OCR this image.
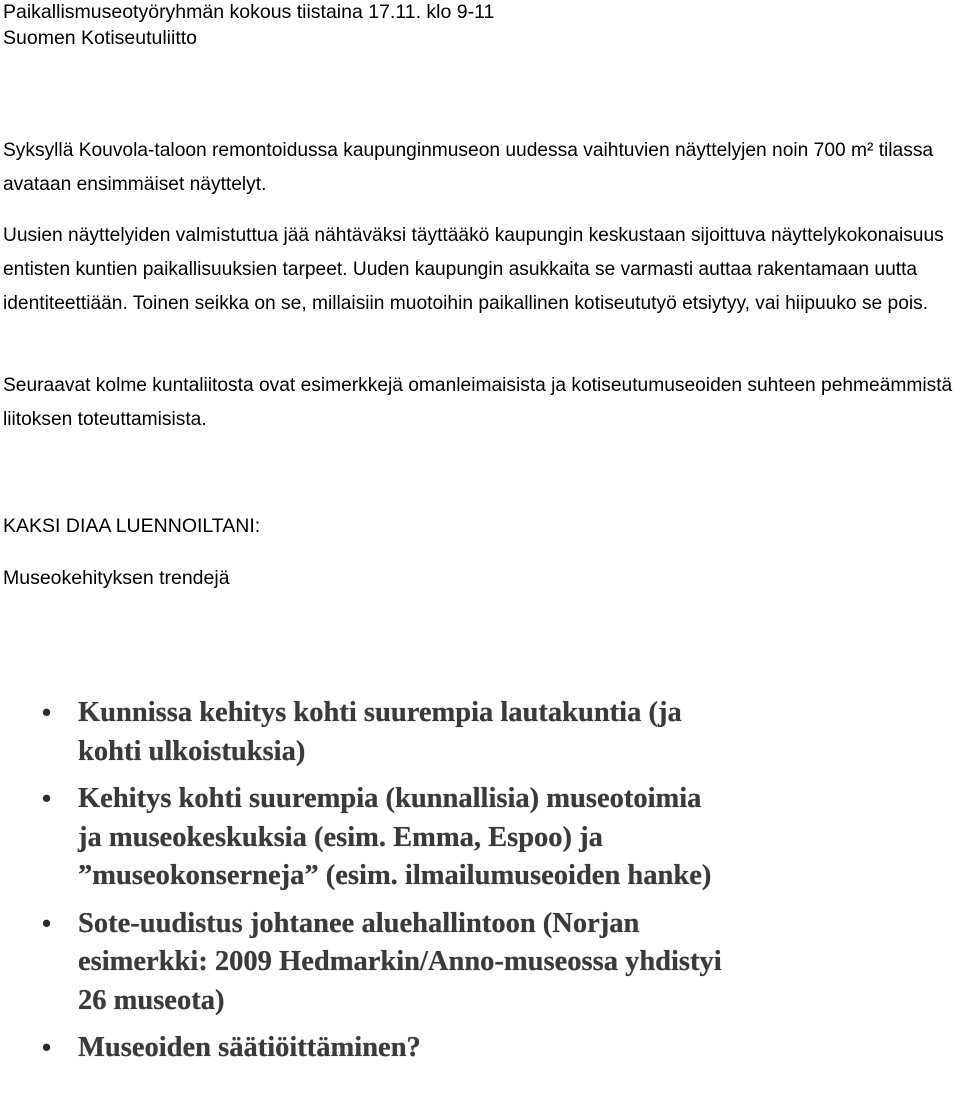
Paikallismuseotyöryhmän kokous tiistaina 17.11. klo 9-11
Suomen Kotiseutuliitto

Syksyllä Kouvola-taloon remontoidussa kaupunginmuseon uudessa vaihtuvien näyttelyjen noin 700 m² tilassa avataan ensimmäiset näyttelyt.

Uusien näyttelyiden valmistuttua jää nähtäväksi täyttääkö kaupungin keskustaan sijoittuva näyttelykokonaisuus entisten kuntien paikallisuuksien tarpeet. Uuden kaupungin asukkaita se varmasti auttaa rakentamaan uutta identiteettiään. Toinen seikka on se, millaisiin muotoihin paikallinen kotiseututyö etsiytyy, vai hiipuuko se pois.

Seuraavat kolme kuntaliitosta ovat esimerkkejä omanleimaisista ja kotiseutumuseoiden suhteen pehmeämmistä liitoksen toteuttamisista.

KAKSI DIAA LUENNOILTANI:
Museokehityksen trendejä
• Kunnissa kehitys kohti suurempia lautakuntia (ja kohti ulkoistuksia)
• Kehitys kohti suurempia (kunnallisia) museotoimia ja museokeskuksia (esim. Emma, Espoo) ja ”museokonserneja” (esim. ilmailumuseoiden hanke)
• Sote-uudistus johtanee aluehallintoon (Norjan esimerkki: 2009 Hedmarkin/Anno-museossa yhdistyi 26 museota)
• Museoiden säätiöittäminen?
